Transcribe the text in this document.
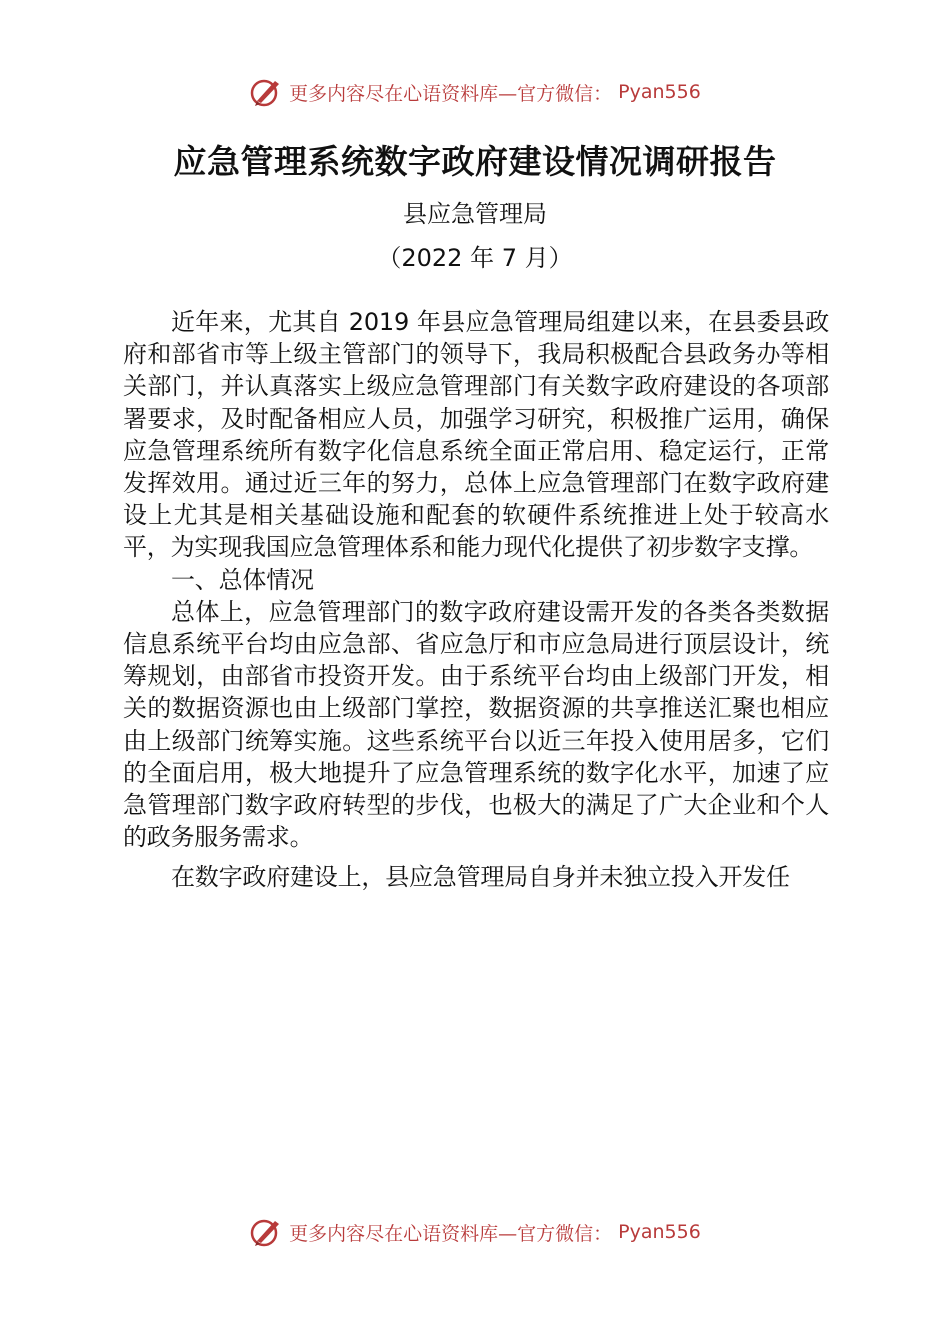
更多内容尽在心语资料库—官方微信： Pyan556
应急管理系统数字政府建设情况调研报告
县应急管理局
（2022 年 7 月）

近年来，尤其自 2019 年县应急管理局组建以来，在县委县政府和部省市等上级主管部门的领导下，我局积极配合县政务办等相关部门，并认真落实上级应急管理部门有关数字政府建设的各项部署要求，及时配备相应人员，加强学习研究，积极推广运用，确保应急管理系统所有数字化信息系统全面正常启用、稳定运行，正常发挥效用。通过近三年的努力，总体上应急管理部门在数字政府建设上尤其是相关基础设施和配套的软硬件系统推进上处于较高水平，为实现我国应急管理体系和能力现代化提供了初步数字支撑。

一、总体情况

总体上，应急管理部门的数字政府建设需开发的各类各类数据信息系统平台均由应急部、省应急厅和市应急局进行顶层设计，统筹规划，由部省市投资开发。由于系统平台均由上级部门开发，相关的数据资源也由上级部门掌控，数据资源的共享推送汇聚也相应由上级部门统筹实施。这些系统平台以近三年投入使用居多，它们的全面启用，极大地提升了应急管理系统的数字化水平，加速了应急管理部门数字政府转型的步伐，也极大的满足了广大企业和个人的政务服务需求。

在数字政府建设上，县应急管理局自身并未独立投入开发任

更多内容尽在心语资料库—官方微信： Pyan556
